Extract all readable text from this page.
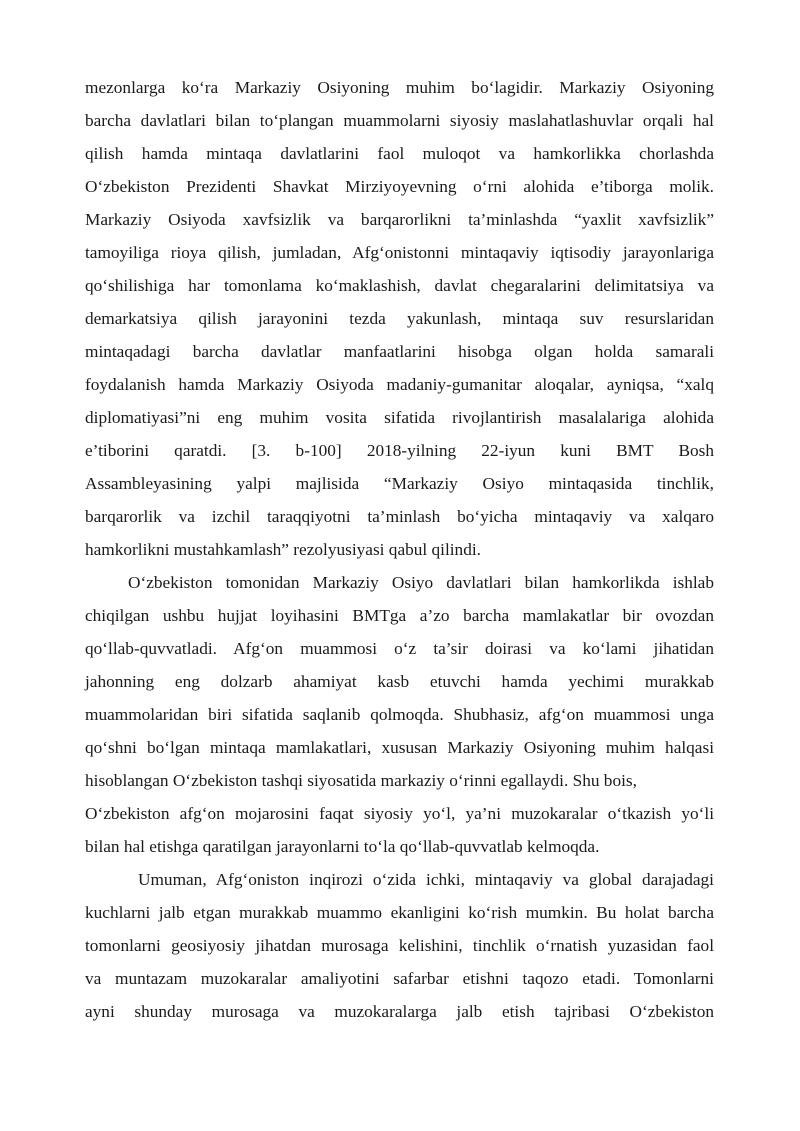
mezonlarga ko‘ra Markaziy Osiyoning muhim bo‘lagidir. Markaziy Osiyoning
barcha davlatlari bilan to‘plangan muammolarni siyosiy maslahatlashuvlar orqali hal
qilish hamda mintaqa davlatlarini faol muloqot va hamkorlikka chorlashda
O‘zbekiston Prezidenti Shavkat Mirziyoyevning o‘rni alohida e’tiborga molik.
Markaziy Osiyoda xavfsizlik va barqarorlikni ta’minlashda “yaxlit xavfsizlik”
tamoyiliga rioya qilish, jumladan, Afg‘onistonni mintaqaviy iqtisodiy jarayonlariga
qo‘shilishiga har tomonlama ko‘maklashish, davlat chegaralarini delimitatsiya va
demarkatsiya qilish jarayonini tezda yakunlash, mintaqa suv resurslaridan
mintaqadagi barcha davlatlar manfaatlarini hisobga olgan holda samarali
foydalanish hamda Markaziy Osiyoda madaniy-gumanitar aloqalar, ayniqsa, “xalq
diplomatiyasi”ni eng muhim vosita sifatida rivojlantirish masalalariga alohida
e’tiborini qaratdi. [3. b-100] 2018-yilning 22-iyun kuni BMT Bosh
Assambleyasining yalpi majlisida “Markaziy Osiyo mintaqasida tinchlik,
barqarorlik va izchil taraqqiyotni ta’minlash bo‘yicha mintaqaviy va xalqaro
hamkorlikni mustahkamlash” rezolyusiyasi qabul qilindi.
O‘zbekiston tomonidan Markaziy Osiyo davlatlari bilan hamkorlikda ishlab
chiqilgan ushbu hujjat loyihasini BMTga a’zo barcha mamlakatlar bir ovozdan
qo‘llab-quvvatladi. Afg‘on muammosi o‘z ta’sir doirasi va ko‘lami jihatidan
jahonning eng dolzarb ahamiyat kasb etuvchi hamda yechimi murakkab
muammolaridan biri sifatida saqlanib qolmoqda. Shubhasiz, afg‘on muammosi unga
qo‘shni bo‘lgan mintaqa mamlakatlari, xususan Markaziy Osiyoning muhim halqasi
hisoblangan O‘zbekiston tashqi siyosatida markaziy o‘rinni egallaydi. Shu bois,
O‘zbekiston afg‘on mojarosini faqat siyosiy yo‘l, ya’ni muzokaralar o‘tkazish yo‘li
bilan hal etishga qaratilgan jarayonlarni to‘la qo‘llab-quvvatlab kelmoqda.
Umuman, Afg‘oniston inqirozi o‘zida ichki, mintaqaviy va global darajadagi
kuchlarni jalb etgan murakkab muammo ekanligini ko‘rish mumkin. Bu holat barcha
tomonlarni geosiyosiy jihatdan murosaga kelishini, tinchlik o‘rnatish yuzasidan faol
va muntazam muzokaralar amaliyotini safarbar etishni taqozo etadi. Tomonlarni
ayni shunday murosaga va muzokaralarga jalb etish tajribasi O‘zbekiston
